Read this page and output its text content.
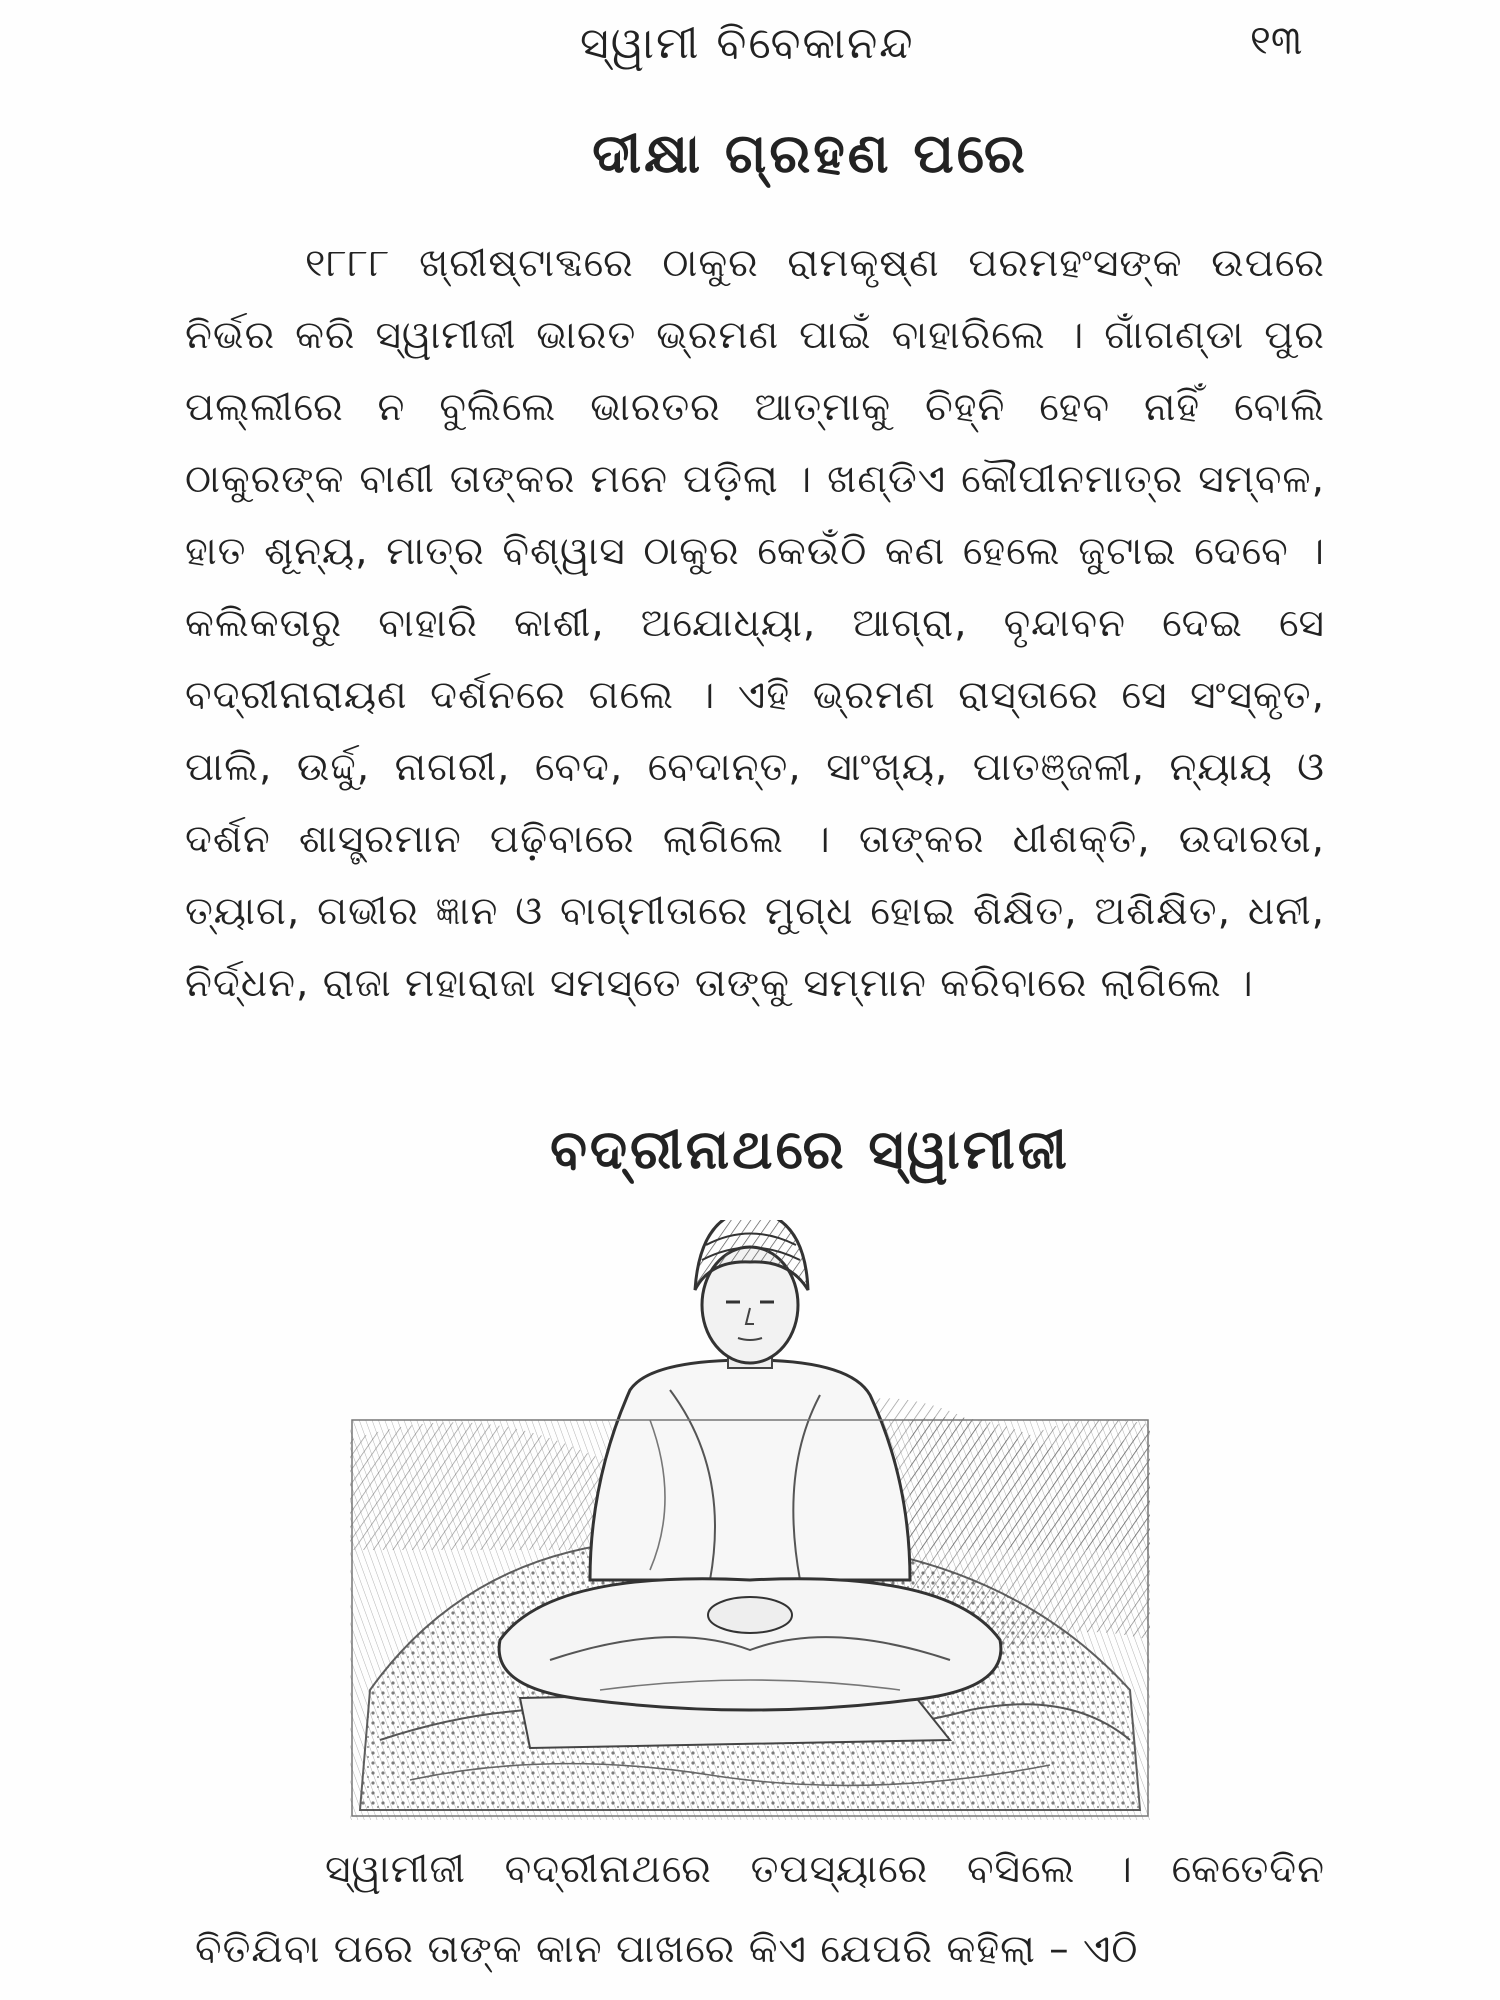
ସ୍ୱାମୀ ବିବେକାନନ୍ଦ	୧୩
ଦୀକ୍ଷା ଗ୍ରହଣ ପରେ

୧୮୮୮ ଖ୍ରୀଷ୍ଟାବ୍ଦରେ ଠାକୁର ରାମକୃଷ୍ଣ ପରମହଂସଙ୍କ ଉପରେ ନିର୍ଭର କରି ସ୍ୱାମୀଜୀ ଭାରତ ଭ୍ରମଣ ପାଇଁ ବାହାରିଲେ । ଗାଁଗଣ୍ଡା ପୁର ପଲ୍ଲୀରେ ନ ବୁଲିଲେ ଭାରତର ଆତ୍ମାକୁ ଚିହ୍ନି ହେବ ନାହିଁ ବୋଲି ଠାକୁରଙ୍କ ବାଣୀ ତାଙ୍କର ମନେ ପଡ଼ିଲା । ଖଣ୍ଡିଏ କୌପୀନମାତ୍ର ସମ୍ବଳ, ହାତ ଶୂନ୍ୟ, ମାତ୍ର ବିଶ୍ୱାସ ଠାକୁର କେଉଁଠି କଣ ହେଲେ ଜୁଟାଇ ଦେବେ । କଲିକତାରୁ ବାହାରି କାଶୀ, ଅଯୋଧ୍ୟା, ଆଗ୍ରା, ବୃନ୍ଦାବନ ଦେଇ ସେ ବଦ୍ରୀନାରାୟଣ ଦର୍ଶନରେ ଗଲେ । ଏହି ଭ୍ରମଣ ରାସ୍ତାରେ ସେ ସଂସ୍କୃତ, ପାଲି, ଉର୍ଦ୍ଦୁ, ନାଗରୀ, ବେଦ, ବେଦାନ୍ତ, ସାଂଖ୍ୟ, ପାତଞ୍ଜଳୀ, ନ୍ୟାୟ ଓ ଦର୍ଶନ ଶାସ୍ତ୍ରମାନ ପଢ଼ିବାରେ ଲାଗିଲେ । ତାଙ୍କର ଧୀଶକ୍ତି, ଉଦାରତା, ତ୍ୟାଗ, ଗଭୀର ଜ୍ଞାନ ଓ ବାଗ୍ମୀତାରେ ମୁଗ୍ଧ ହୋଇ ଶିକ୍ଷିତ, ଅଶିକ୍ଷିତ, ଧନୀ, ନିର୍ଦ୍ଧନ, ରାଜା ମହାରାଜା ସମସ୍ତେ ତାଙ୍କୁ ସମ୍ମାନ କରିବାରେ ଲାଗିଲେ ।

ବଦ୍ରୀନାଥରେ ସ୍ୱାମୀଜୀ

ସ୍ୱାମୀଜୀ ବଦ୍ରୀନାଥରେ ତପସ୍ୟାରେ ବସିଲେ । କେତେଦିନ ବିତିଯିବା ପରେ ତାଙ୍କ କାନ ପାଖରେ କିଏ ଯେପରି କହିଲା – ଏଠି
